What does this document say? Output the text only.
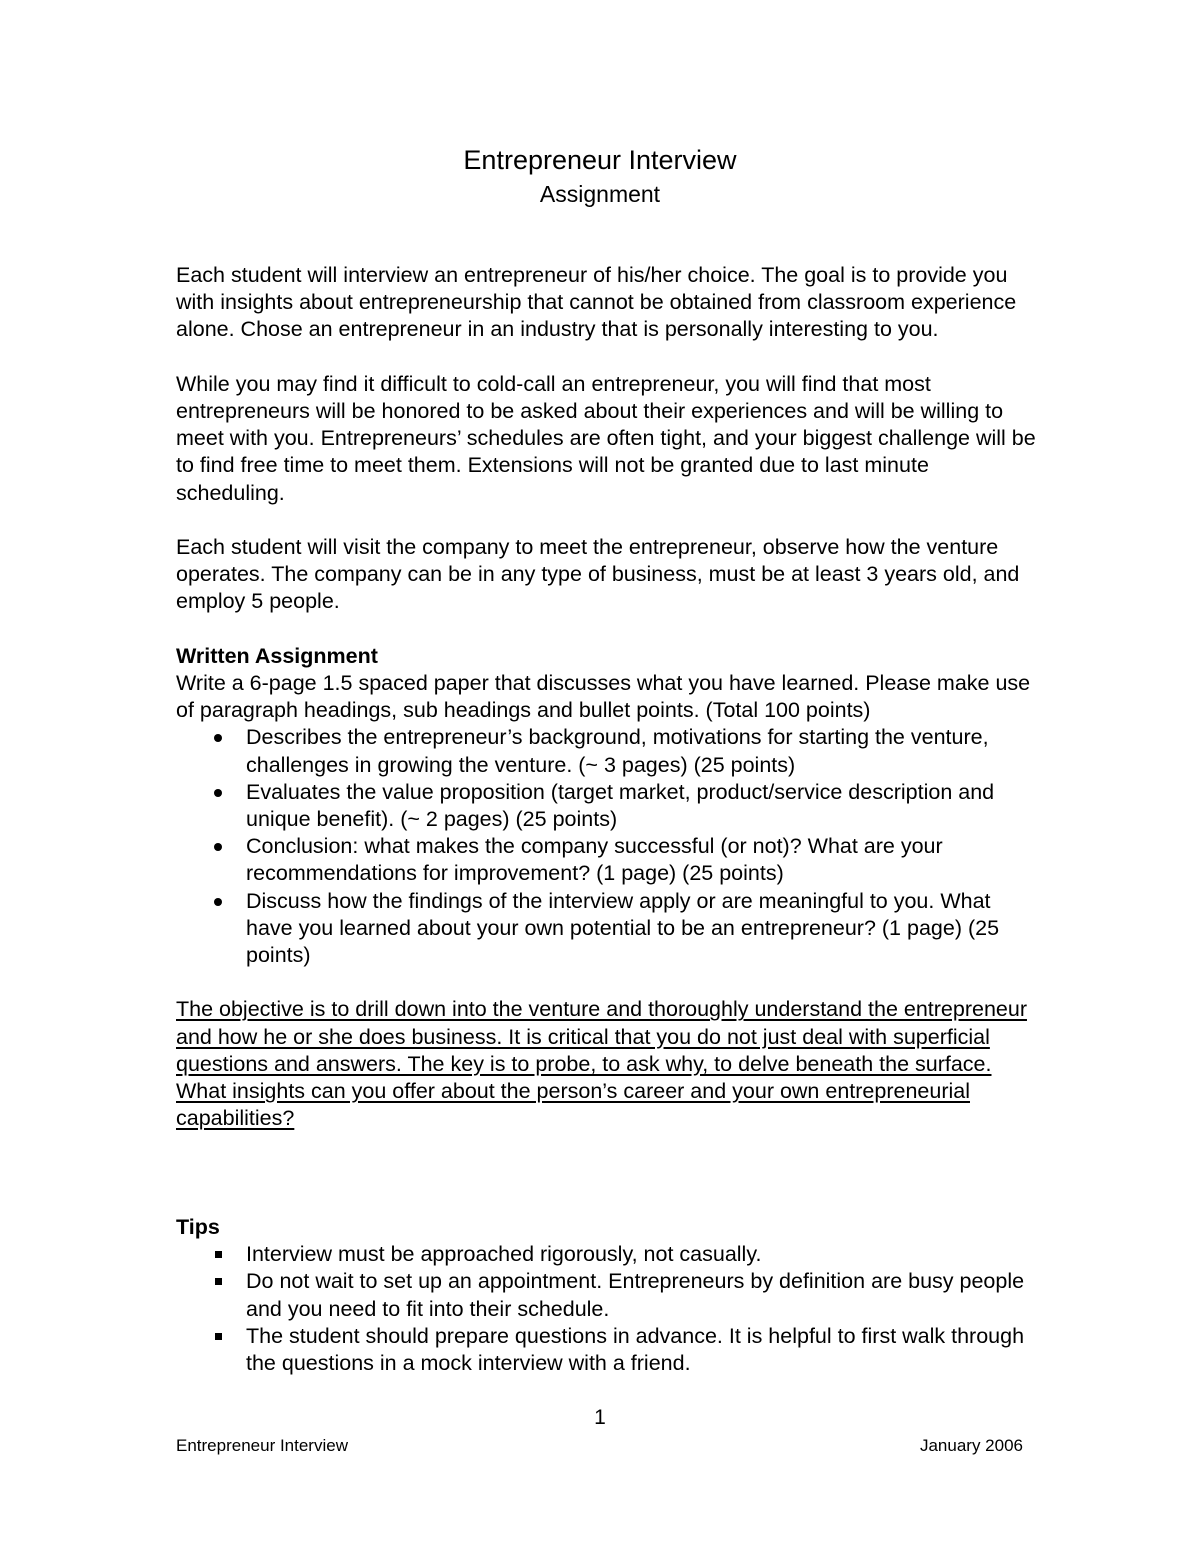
Entrepreneur Interview
Assignment

Each student will interview an entrepreneur of his/her choice. The goal is to provide you with insights about entrepreneurship that cannot be obtained from classroom experience alone. Chose an entrepreneur in an industry that is personally interesting to you.

While you may find it difficult to cold-call an entrepreneur, you will find that most entrepreneurs will be honored to be asked about their experiences and will be willing to meet with you. Entrepreneurs’ schedules are often tight, and your biggest challenge will be to find free time to meet them. Extensions will not be granted due to last minute scheduling.

Each student will visit the company to meet the entrepreneur, observe how the venture operates. The company can be in any type of business, must be at least 3 years old, and employ 5 people.

Written Assignment

Write a 6-page 1.5 spaced paper that discusses what you have learned. Please make use of paragraph headings, sub headings and bullet points. (Total 100 points)

Describes the entrepreneur’s background, motivations for starting the venture, challenges in growing the venture. (~ 3 pages) (25 points)
Evaluates the value proposition (target market, product/service description and unique benefit). (~ 2 pages) (25 points)
Conclusion: what makes the company successful (or not)? What are your recommendations for improvement? (1 page) (25 points)
Discuss how the findings of the interview apply or are meaningful to you. What have you learned about your own potential to be an entrepreneur? (1 page) (25 points)

The objective is to drill down into the venture and thoroughly understand the entrepreneur and how he or she does business. It is critical that you do not just deal with superficial questions and answers. The key is to probe, to ask why, to delve beneath the surface. What insights can you offer about the person’s career and your own entrepreneurial capabilities?

Tips

Interview must be approached rigorously, not casually.
Do not wait to set up an appointment. Entrepreneurs by definition are busy people and you need to fit into their schedule.
The student should prepare questions in advance. It is helpful to first walk through the questions in a mock interview with a friend.
1
Entrepreneur Interview	January 2006
